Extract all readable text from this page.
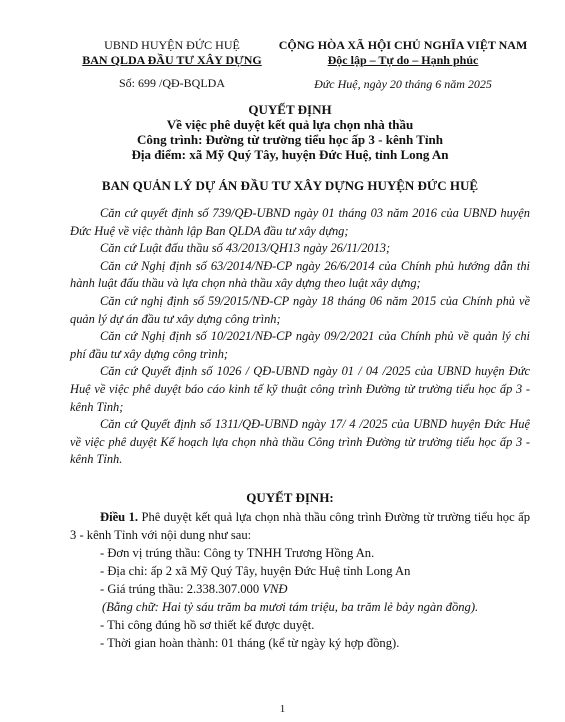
UBND HUYỆN ĐỨC HUỆ
BAN QLDA ĐẦU TƯ XÂY DỰNG
Số: 699 /QĐ-BQLDA
CỘNG HÒA XÃ HỘI CHỦ NGHĨA VIỆT NAM
Độc lập – Tự do – Hạnh phúc
Đức Huệ, ngày 20 tháng 6 năm 2025
QUYẾT ĐỊNH
Về việc phê duyệt kết quả lựa chọn nhà thầu
Công trình: Đường từ trường tiểu học ấp 3 - kênh Tỉnh
Địa điểm: xã Mỹ Quý Tây, huyện Đức Huệ, tỉnh Long An
BAN QUẢN LÝ DỰ ÁN ĐẦU TƯ XÂY DỰNG HUYỆN ĐỨC HUỆ

Căn cứ quyết định số 739/QĐ-UBND ngày 01 tháng 03 năm 2016 của UBND huyện Đức Huệ về việc thành lập Ban QLDA đầu tư xây dựng;

Căn cứ Luật đấu thầu số 43/2013/QH13 ngày 26/11/2013;

Căn cứ Nghị định số 63/2014/NĐ-CP ngày 26/6/2014 của Chính phủ hướng dẫn thi hành luật đấu thầu và lựa chọn nhà thầu xây dựng theo luật xây dựng;

Căn cứ nghị định số 59/2015/NĐ-CP ngày 18 tháng 06 năm 2015 của Chính phủ về quản lý dự án đầu tư xây dựng công trình;

Căn cứ Nghị định số 10/2021/NĐ-CP ngày 09/2/2021 của Chính phủ về quản lý chi phí đầu tư xây dựng công trình;

Căn cứ Quyết định số 1026 / QĐ-UBND ngày 01 / 04 /2025 của UBND huyện Đức Huệ về việc phê duyệt báo cáo kinh tế kỹ thuật công trình Đường từ trường tiểu học ấp 3 - kênh Tỉnh;

Căn cứ Quyết định số 1311/QĐ-UBND ngày 17/ 4 /2025 của UBND huyện Đức Huệ về việc phê duyệt Kế hoạch lựa chọn nhà thầu Công trình Đường từ trường tiểu học ấp 3 - kênh Tỉnh.

QUYẾT ĐỊNH:

Điều 1. Phê duyệt kết quả lựa chọn nhà thầu công trình Đường từ trường tiểu học ấp 3 - kênh Tỉnh với nội dung như sau:

- Đơn vị trúng thầu: Công ty TNHH Trương Hồng An.

- Địa chỉ: ấp 2 xã Mỹ Quý Tây, huyện Đức Huệ tỉnh Long An

- Giá trúng thầu: 2.338.307.000 VNĐ

(Bằng chữ: Hai tỷ sáu trăm ba mươi tám triệu, ba trăm lẻ bảy ngàn đồng).

- Thi công đúng hồ sơ thiết kế được duyệt.

- Thời gian hoàn thành: 01 tháng (kể từ ngày ký hợp đồng).

1
